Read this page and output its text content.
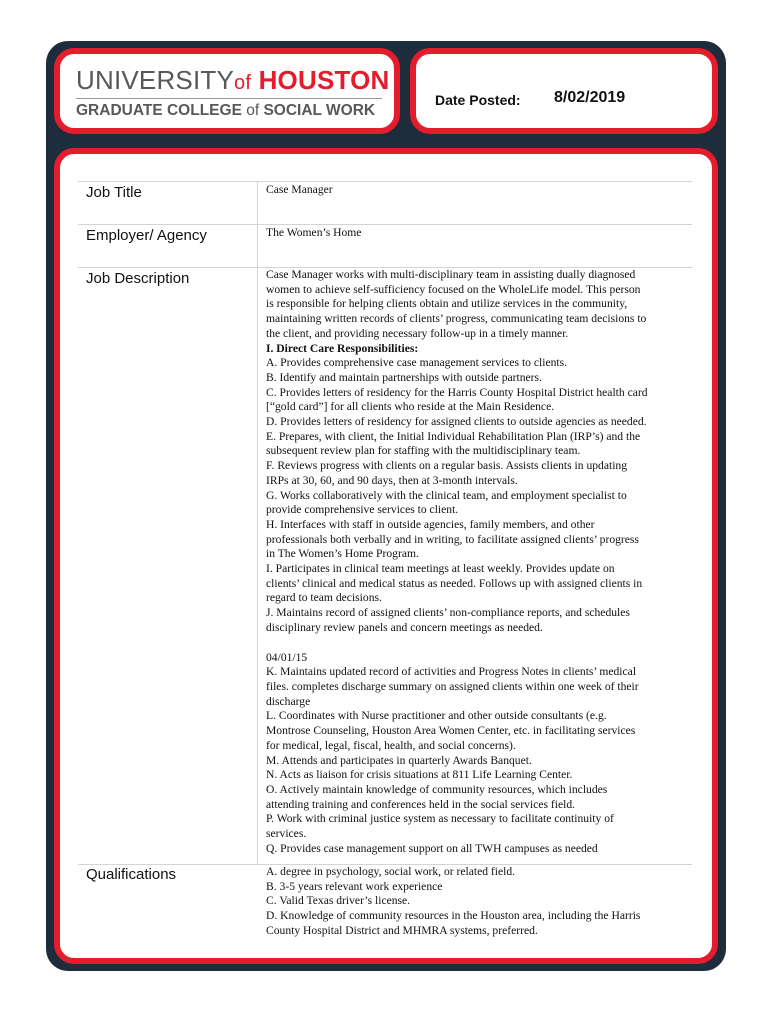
UNIVERSITYof HOUSTON
GRADUATE COLLEGE of SOCIAL WORK
Date Posted: 8/02/2019
Job Title
Employer/ Agency
Job Description
Qualifications
Case Manager
The Women’s Home
Case Manager works with multi-disciplinary team in assisting dually diagnosed
women to achieve self-sufficiency focused on the WholeLife model. This person
is responsible for helping clients obtain and utilize services in the community,
maintaining written records of clients’ progress, communicating team decisions to
the client, and providing necessary follow-up in a timely manner.
I. Direct Care Responsibilities:
A. Provides comprehensive case management services to clients.
B. Identify and maintain partnerships with outside partners.
C. Provides letters of residency for the Harris County Hospital District health card
[“gold card”] for all clients who reside at the Main Residence.
D. Provides letters of residency for assigned clients to outside agencies as needed.
E. Prepares, with client, the Initial Individual Rehabilitation Plan (IRP’s) and the
subsequent review plan for staffing with the multidisciplinary team.
F. Reviews progress with clients on a regular basis. Assists clients in updating
IRPs at 30, 60, and 90 days, then at 3-month intervals.
G. Works collaboratively with the clinical team, and employment specialist to
provide comprehensive services to client.
H. Interfaces with staff in outside agencies, family members, and other
professionals both verbally and in writing, to facilitate assigned clients’ progress
in The Women’s Home Program.
I. Participates in clinical team meetings at least weekly. Provides update on
clients’ clinical and medical status as needed. Follows up with assigned clients in
regard to team decisions.
J. Maintains record of assigned clients’ non-compliance reports, and schedules
disciplinary review panels and concern meetings as needed.
04/01/15
K. Maintains updated record of activities and Progress Notes in clients’ medical
files. completes discharge summary on assigned clients within one week of their
discharge
L. Coordinates with Nurse practitioner and other outside consultants (e.g.
Montrose Counseling, Houston Area Women Center, etc. in facilitating services
for medical, legal, fiscal, health, and social concerns).
M. Attends and participates in quarterly Awards Banquet.
N. Acts as liaison for crisis situations at 811 Life Learning Center.
O. Actively maintain knowledge of community resources, which includes
attending training and conferences held in the social services field.
P. Work with criminal justice system as necessary to facilitate continuity of
services.
Q. Provides case management support on all TWH campuses as needed
A. degree in psychology, social work, or related field.
B. 3-5 years relevant work experience
C. Valid Texas driver’s license.
D. Knowledge of community resources in the Houston area, including the Harris
County Hospital District and MHMRA systems, preferred.
